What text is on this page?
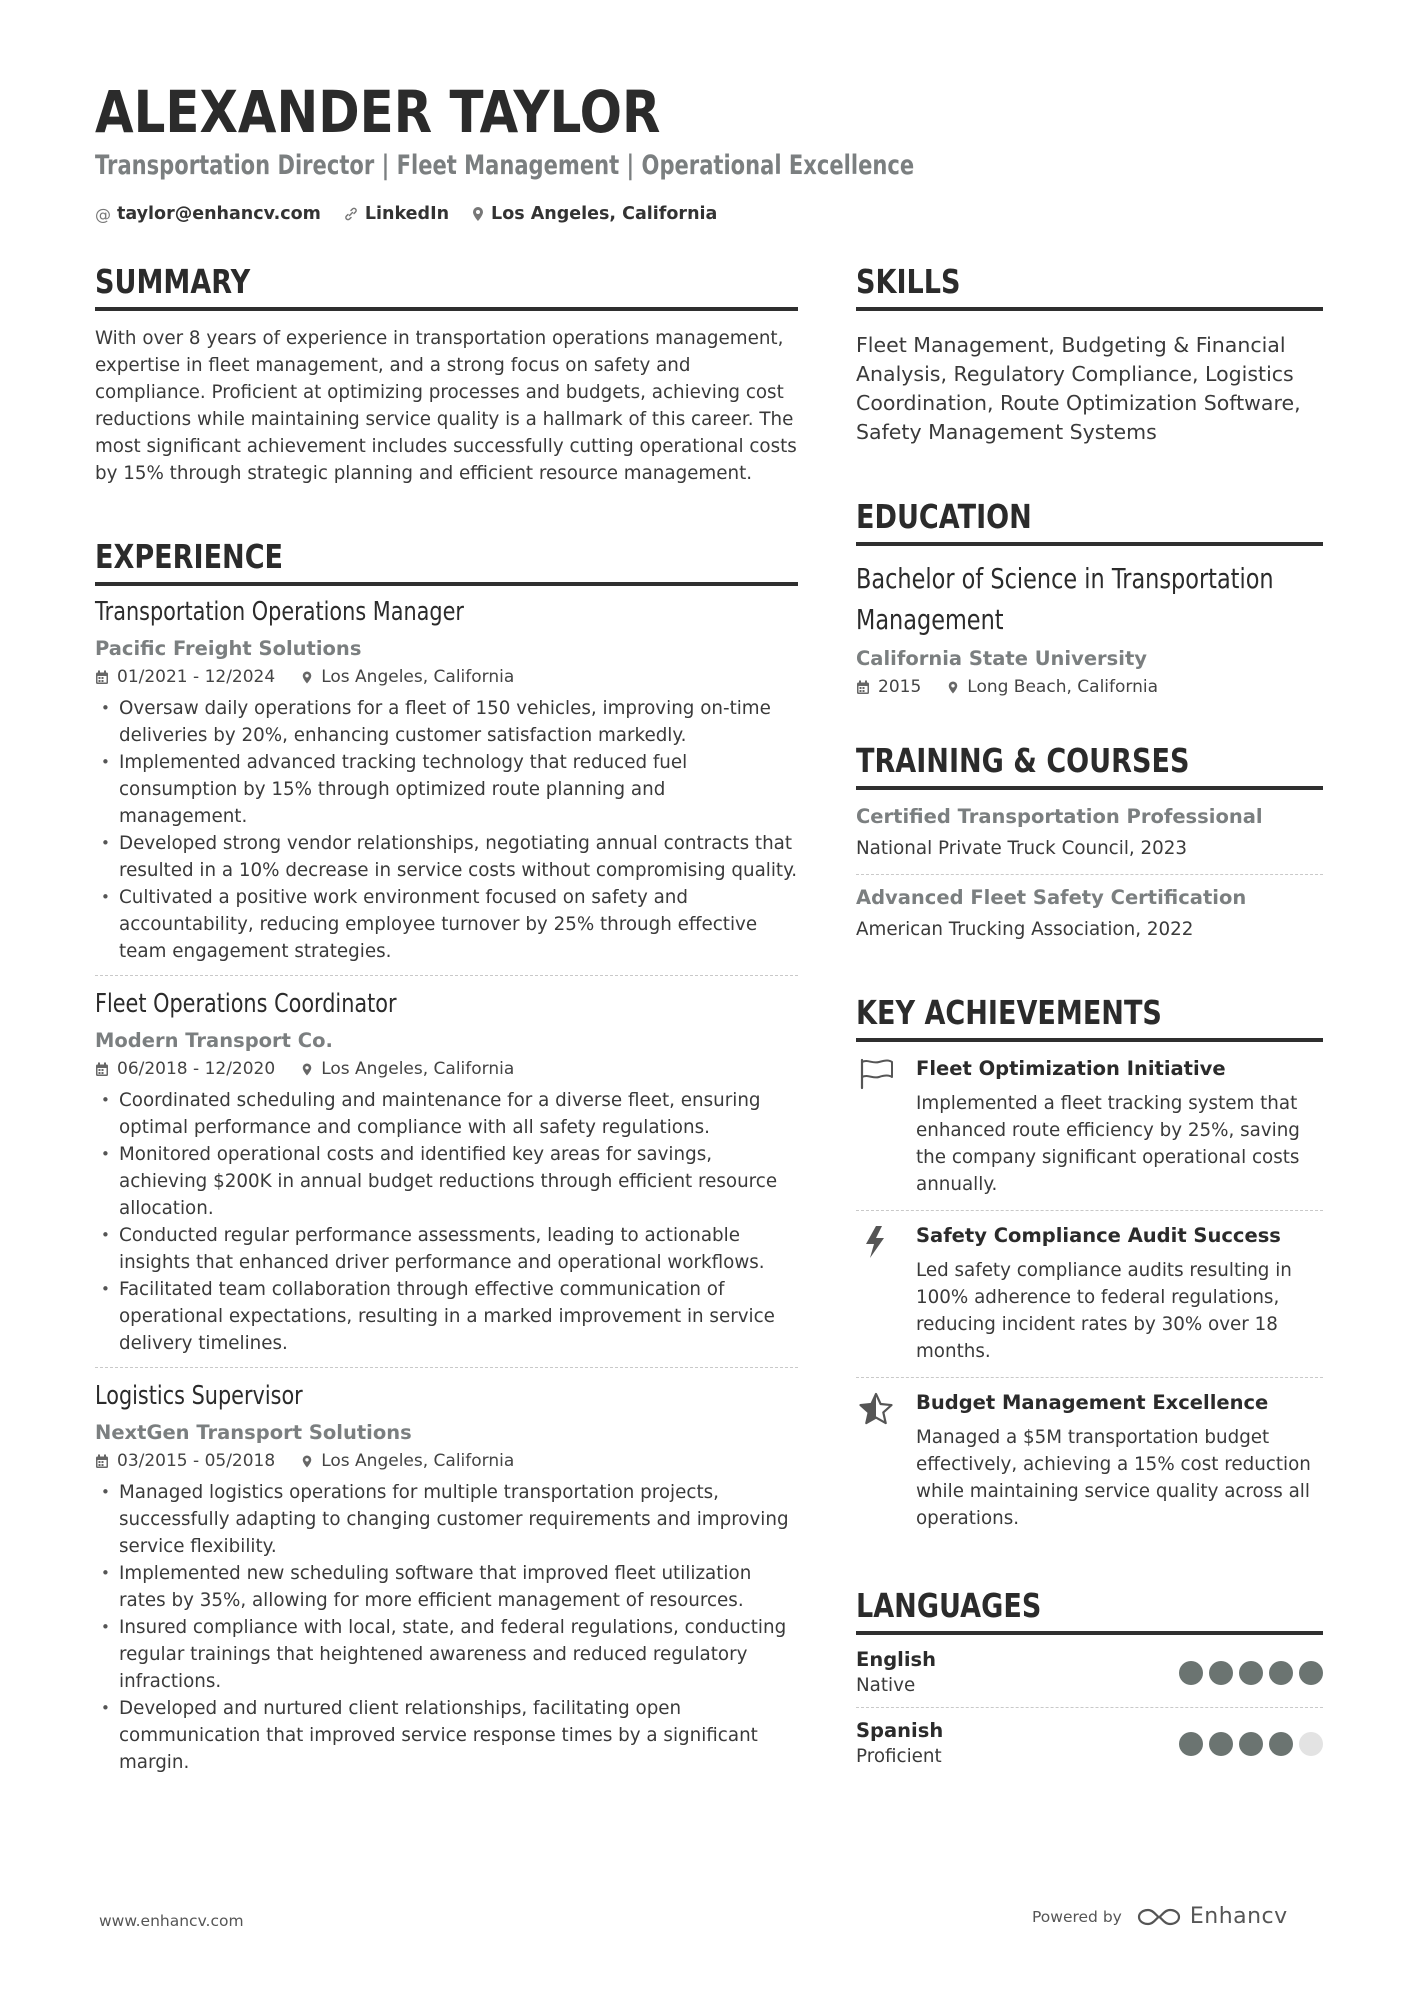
ALEXANDER TAYLOR
Transportation Director | Fleet Management | Operational Excellence
@ taylor@enhancv.com	LinkedIn Los Angeles, California
SUMMARY
With over 8 years of experience in transportation operations management, expertise in fleet management, and a strong focus on safety and compliance. Proficient at optimizing processes and budgets, achieving cost reductions while maintaining service quality is a hallmark of this career. The most significant achievement includes successfully cutting operational costs by 15% through strategic planning and efficient resource management.
EXPERIENCE
Transportation Operations Manager
Pacific Freight Solutions
01/2021 - 12/2024	Los Angeles, California
• Oversaw daily operations for a fleet of 150 vehicles, improving on-time deliveries by 20%, enhancing customer satisfaction markedly.
• Implemented advanced tracking technology that reduced fuel consumption by 15% through optimized route planning and management.
• Developed strong vendor relationships, negotiating annual contracts that resulted in a 10% decrease in service costs without compromising quality.
• Cultivated a positive work environment focused on safety and accountability, reducing employee turnover by 25% through effective team engagement strategies.
Fleet Operations Coordinator
Modern Transport Co.
06/2018 - 12/2020	Los Angeles, California
• Coordinated scheduling and maintenance for a diverse fleet, ensuring optimal performance and compliance with all safety regulations.
• Monitored operational costs and identified key areas for savings, achieving $200K in annual budget reductions through efficient resource allocation.
• Conducted regular performance assessments, leading to actionable insights that enhanced driver performance and operational workflows.
• Facilitated team collaboration through effective communication of operational expectations, resulting in a marked improvement in service delivery timelines.
Logistics Supervisor
NextGen Transport Solutions
03/2015 - 05/2018	Los Angeles, California
• Managed logistics operations for multiple transportation projects, successfully adapting to changing customer requirements and improving service flexibility.
• Implemented new scheduling software that improved fleet utilization rates by 35%, allowing for more efficient management of resources.
• Insured compliance with local, state, and federal regulations, conducting regular trainings that heightened awareness and reduced regulatory infractions.
• Developed and nurtured client relationships, facilitating open communication that improved service response times by a significant margin.
SKILLS
Fleet Management, Budgeting & Financial Analysis, Regulatory Compliance, Logistics Coordination, Route Optimization Software, Safety Management Systems
EDUCATION
Bachelor of Science in Transportation Management
California State University
2015	Long Beach, California
TRAINING & COURSES
Certified Transportation Professional
National Private Truck Council, 2023
Advanced Fleet Safety Certification
American Trucking Association, 2022
KEY ACHIEVEMENTS
Fleet Optimization Initiative
Implemented a fleet tracking system that enhanced route efficiency by 25%, saving the company significant operational costs annually.
Safety Compliance Audit Success
Led safety compliance audits resulting in 100% adherence to federal regulations, reducing incident rates by 30% over 18 months.
Budget Management Excellence
Managed a $5M transportation budget effectively, achieving a 15% cost reduction while maintaining service quality across all operations.
LANGUAGES
English
Native
Spanish
Proficient
www.enhancv.com	Powered by	Enhancv
